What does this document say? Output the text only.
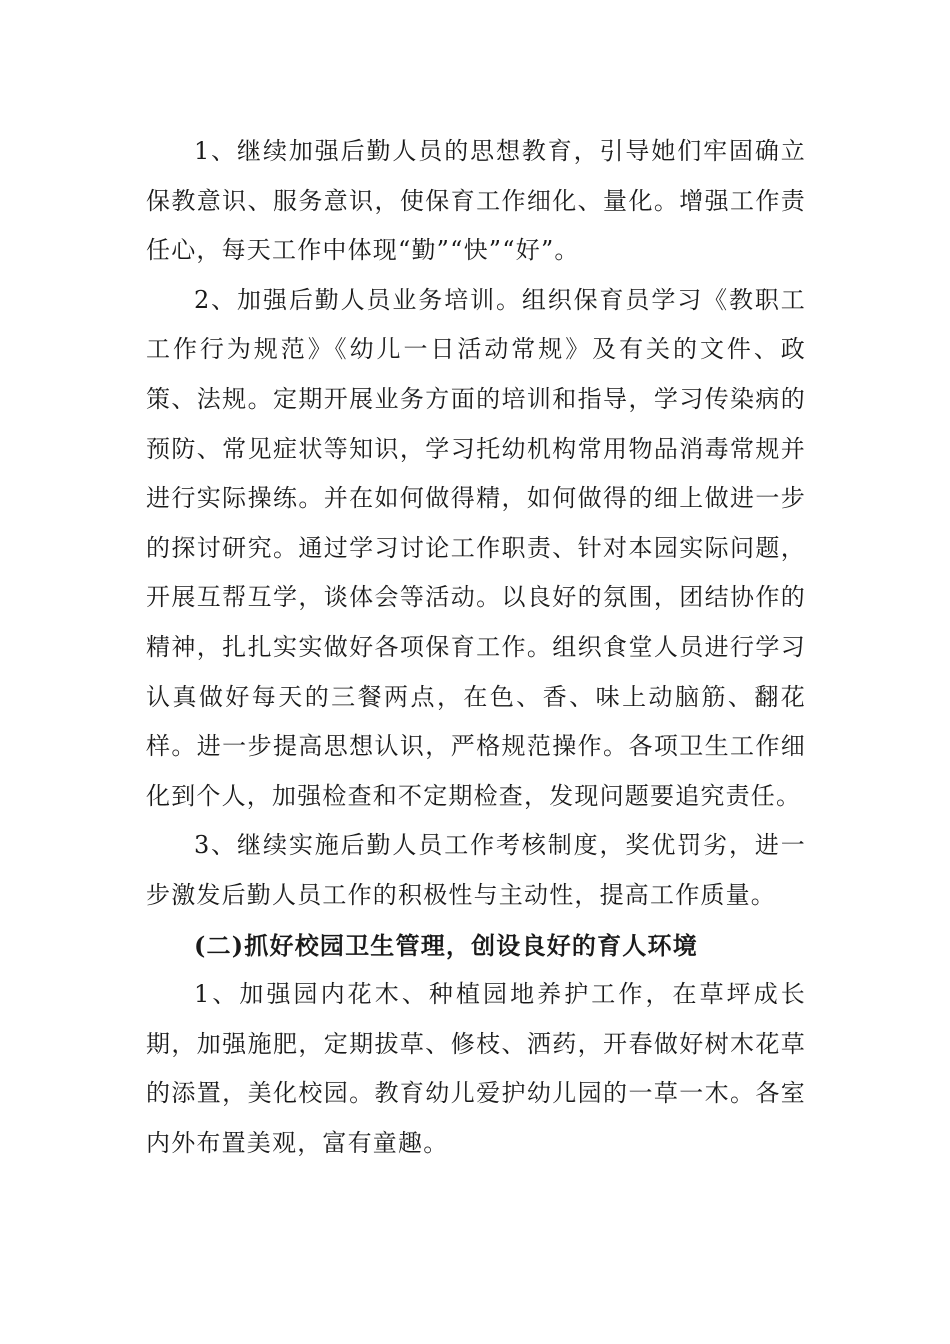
1、继续加强后勤人员的思想教育，引导她们牢固确立保教意识、服务意识，使保育工作细化、量化。增强工作责任心，每天工作中体现“勤”“快”“好”。

2、加强后勤人员业务培训。组织保育员学习《教职工工作行为规范》《幼儿一日活动常规》及有关的文件、政策、法规。定期开展业务方面的培训和指导，学习传染病的预防、常见症状等知识，学习托幼机构常用物品消毒常规并进行实际操练。并在如何做得精，如何做得的细上做进一步的探讨研究。通过学习讨论工作职责、针对本园实际问题，开展互帮互学，谈体会等活动。以良好的氛围，团结协作的精神，扎扎实实做好各项保育工作。组织食堂人员进行学习认真做好每天的三餐两点，在色、香、味上动脑筋、翻花样。进一步提高思想认识，严格规范操作。各项卫生工作细化到个人，加强检查和不定期检查，发现问题要追究责任。

3、继续实施后勤人员工作考核制度，奖优罚劣，进一步激发后勤人员工作的积极性与主动性，提高工作质量。

(二)抓好校园卫生管理，创设良好的育人环境

1、加强园内花木、种植园地养护工作，在草坪成长期，加强施肥，定期拔草、修枝、洒药，开春做好树木花草的添置，美化校园。教育幼儿爱护幼儿园的一草一木。各室内外布置美观，富有童趣。
